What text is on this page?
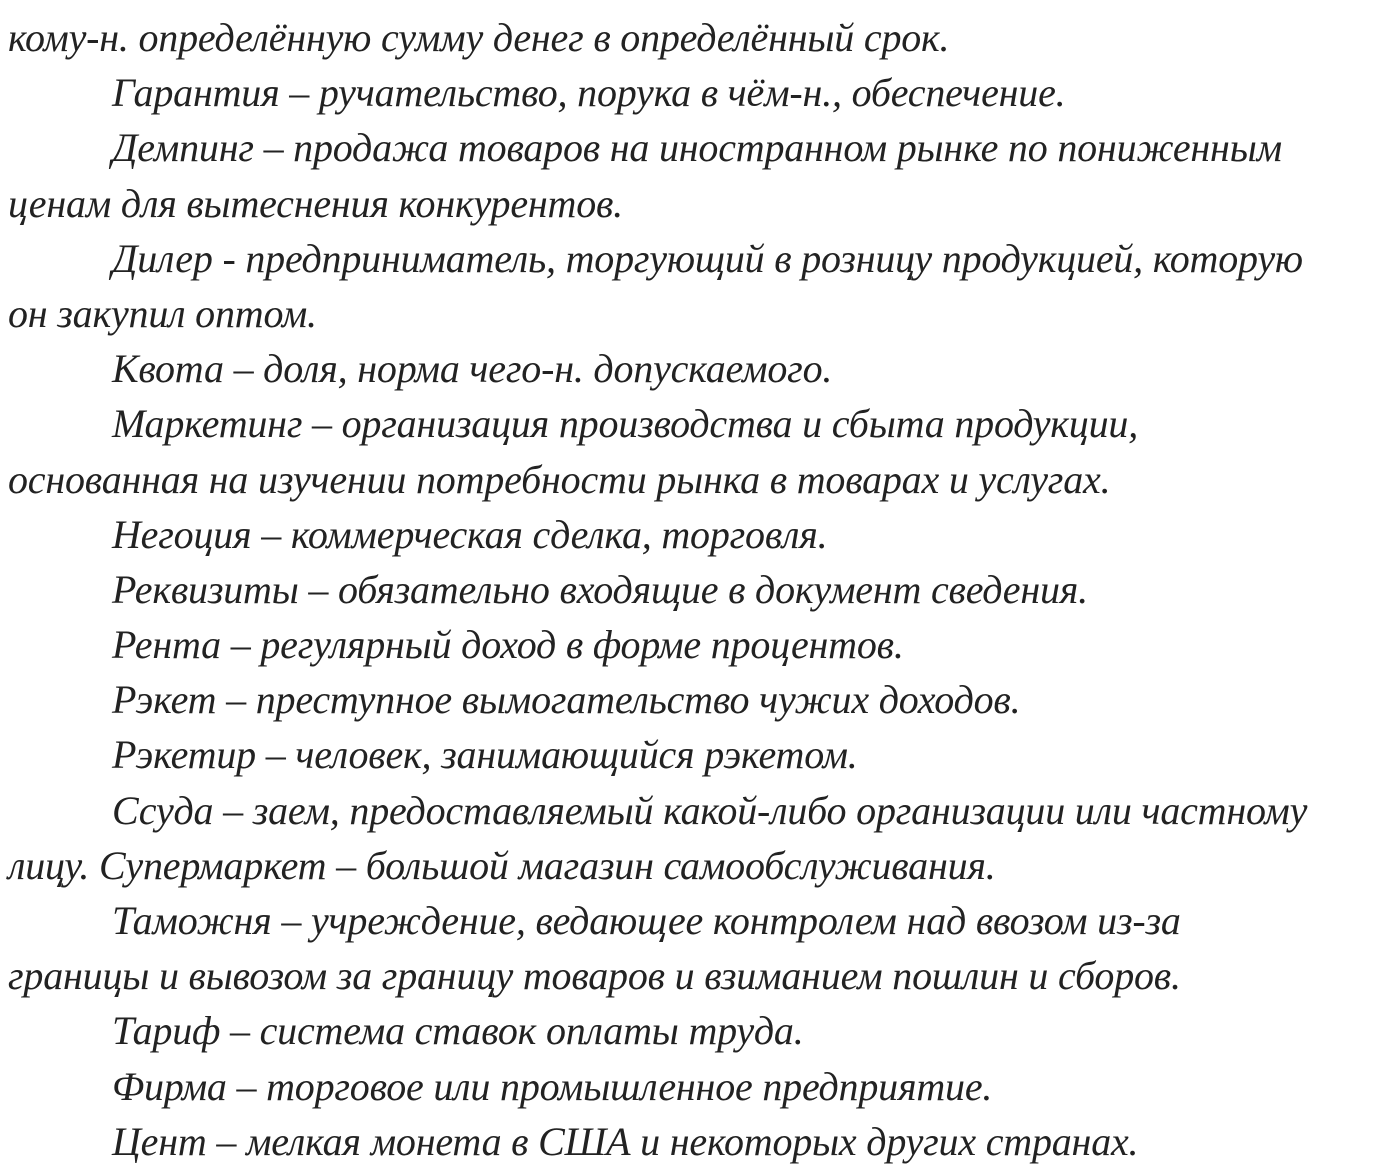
кому-н. определённую сумму денег в определённый срок.
Гарантия – ручательство, порука в чём-н., обеспечение.
Демпинг – продажа товаров на иностранном рынке по пониженным
ценам для вытеснения конкурентов.
Дилер - предприниматель, торгующий в розницу продукцией, которую
он закупил оптом.
Квота – доля, норма чего-н. допускаемого.
Маркетинг – организация производства и сбыта продукции,
основанная на изучении потребности рынка в товарах и услугах.
Негоция – коммерческая сделка, торговля.
Реквизиты – обязательно входящие в документ сведения.
Рента – регулярный доход в форме процентов.
Рэкет – преступное вымогательство чужих доходов.
Рэкетир – человек, занимающийся рэкетом.
Ссуда – заем, предоставляемый какой-либо организации или частному
лицу. Супермаркет – большой магазин самообслуживания.
Таможня – учреждение, ведающее контролем над ввозом из-за
границы и вывозом за границу товаров и взиманием пошлин и сборов.
Тариф – система ставок оплаты труда.
Фирма – торговое или промышленное предприятие.
Цент – мелкая монета в США и некоторых других странах.
